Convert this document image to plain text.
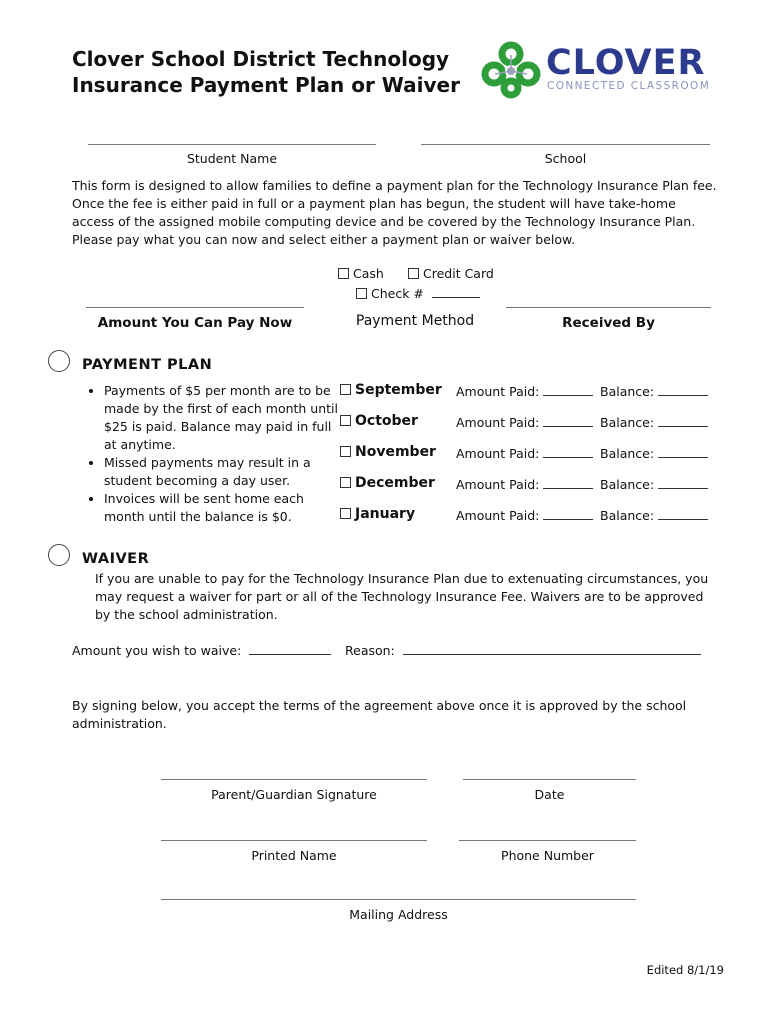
Clover School District Technology
Insurance Payment Plan or Waiver
CLOVER
CONNECTED CLASSROOM
Student Name	School
This form is designed to allow families to define a payment plan for the Technology Insurance Plan fee. Once the fee is either paid in full or a payment plan has begun, the student will have take-home access of the assigned mobile computing device and be covered by the Technology Insurance Plan. Please pay what you can now and select either a payment plan or waiver below.
Cash	Credit Card
Check #
Amount You Can Pay Now	Payment Method	Received By
PAYMENT PLAN
• Payments of $5 per month are to be made by the first of each month until $25 is paid. Balance may paid in full at anytime.
• Missed payments may result in a student becoming a day user.
• Invoices will be sent home each month until the balance is $0.
September Amount Paid:	Balance:
October	Amount Paid:	Balance:
November Amount Paid:	Balance:
December Amount Paid:	Balance:
January	Amount Paid:	Balance:
WAIVER
If you are unable to pay for the Technology Insurance Plan due to extenuating circumstances, you may request a waiver for part or all of the Technology Insurance Fee. Waivers are to be approved by the school administration.
Amount you wish to waive:	Reason:
By signing below, you accept the terms of the agreement above once it is approved by the school administration.
Parent/Guardian Signature	Date
Printed Name	Phone Number
Mailing Address
Edited 8/1/19
